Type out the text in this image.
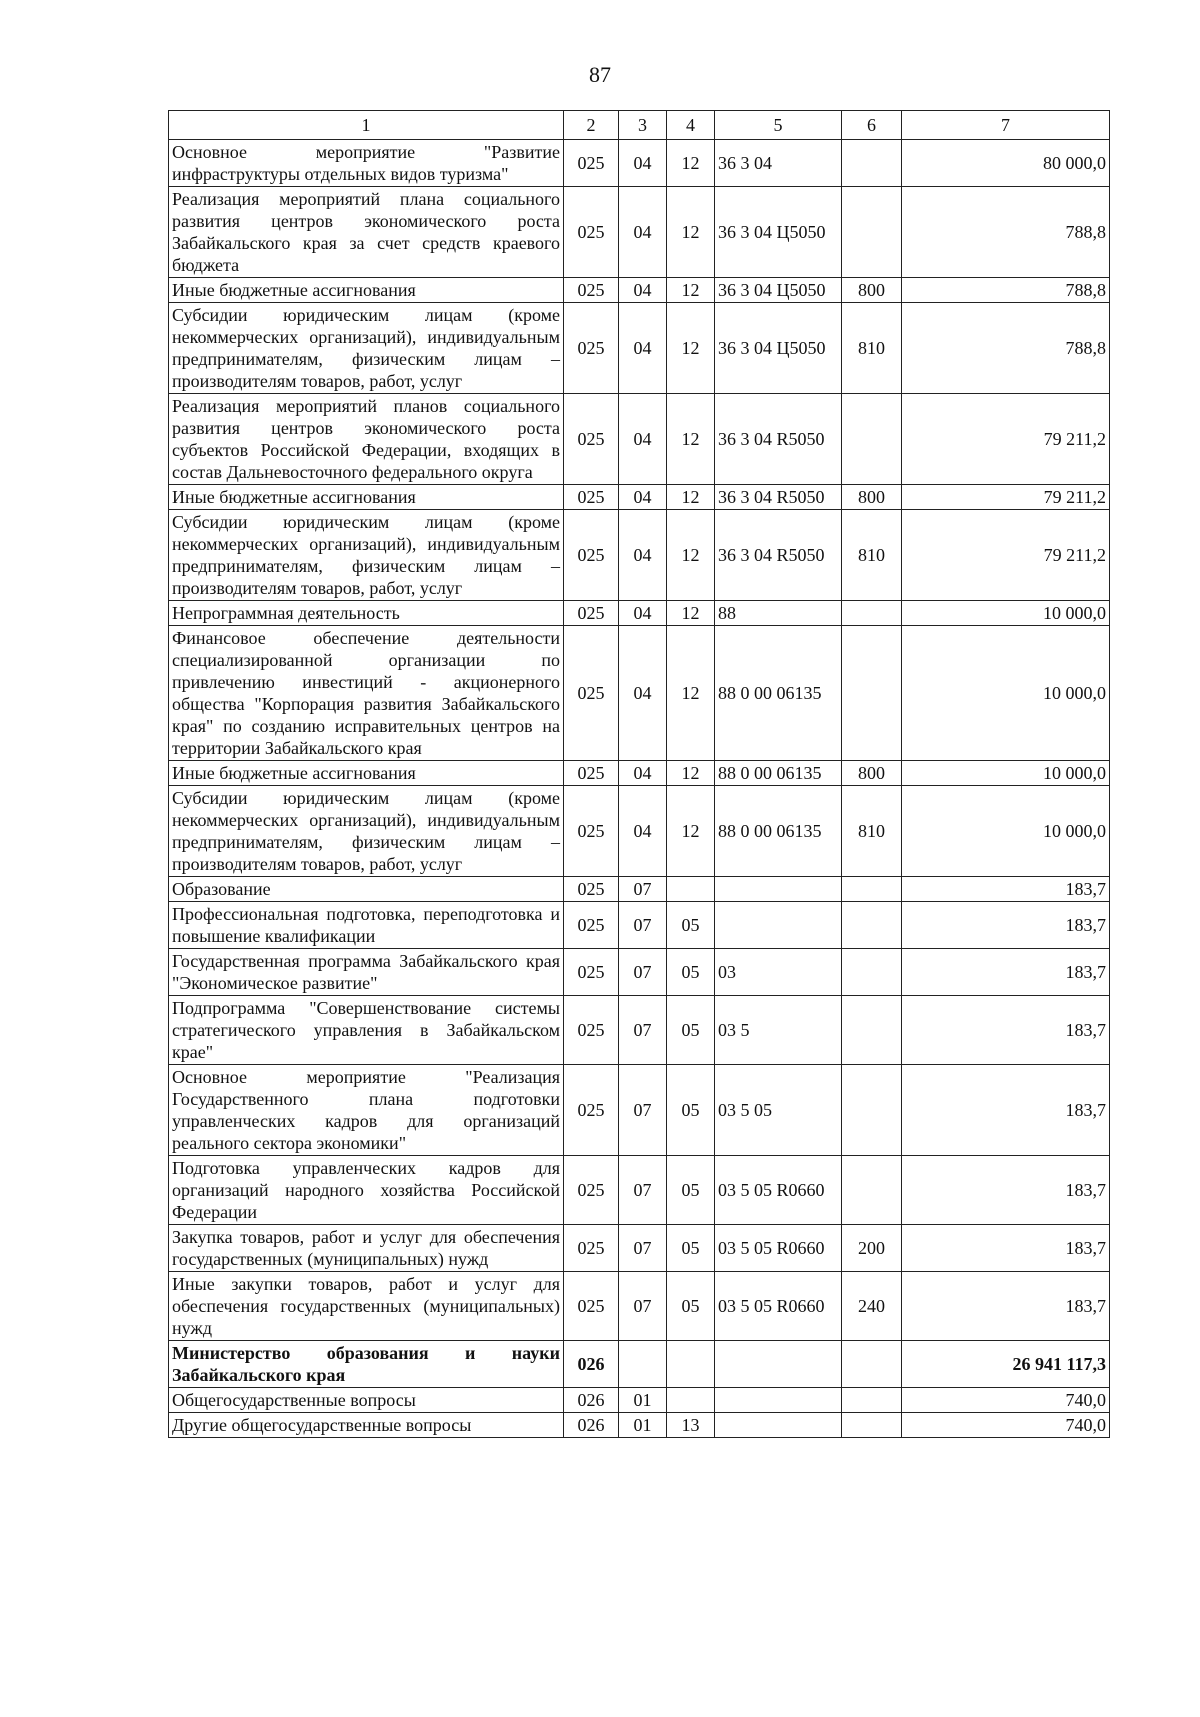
87
1	2	3	4	5	6	7
Основное мероприятие "Развитие инфраструктуры отдельных видов туризма"	025	04	12	36 3 04		80 000,0
Реализация мероприятий плана социального развития центров экономического роста Забайкальского края за счет средств краевого бюджета	025	04	12	36 3 04 Ц5050		788,8
Иные бюджетные ассигнования	025	04	12	36 3 04 Ц5050	800	788,8
Субсидии юридическим лицам (кроме некоммерческих организаций), индивидуальным предпринимателям, физическим лицам – производителям товаров, работ, услуг	025	04	12	36 3 04 Ц5050	810	788,8
Реализация мероприятий планов социального развития центров экономического роста субъектов Российской Федерации, входящих в состав Дальневосточного федерального округа	025	04	12	36 3 04 R5050		79 211,2
Иные бюджетные ассигнования	025	04	12	36 3 04 R5050	800	79 211,2
Субсидии юридическим лицам (кроме некоммерческих организаций), индивидуальным предпринимателям, физическим лицам – производителям товаров, работ, услуг	025	04	12	36 3 04 R5050	810	79 211,2
Непрограммная деятельность	025	04	12	88		10 000,0
Финансовое обеспечение деятельности специализированной организации по привлечению инвестиций - акционерного общества "Корпорация развития Забайкальского края" по созданию исправительных центров на территории Забайкальского края	025	04	12	88 0 00 06135		10 000,0
Иные бюджетные ассигнования	025	04	12	88 0 00 06135	800	10 000,0
Субсидии юридическим лицам (кроме некоммерческих организаций), индивидуальным предпринимателям, физическим лицам – производителям товаров, работ, услуг	025	04	12	88 0 00 06135	810	10 000,0
Образование	025	07				183,7
Профессиональная подготовка, переподготовка и повышение квалификации	025	07	05			183,7
Государственная программа Забайкальского края "Экономическое развитие"	025	07	05	03		183,7
Подпрограмма "Совершенствование системы стратегического управления в Забайкальском крае"	025	07	05	03 5		183,7
Основное мероприятие "Реализация Государственного плана подготовки управленческих кадров для организаций реального сектора экономики"	025	07	05	03 5 05		183,7
Подготовка управленческих кадров для организаций народного хозяйства Российской Федерации	025	07	05	03 5 05 R0660		183,7
Закупка товаров, работ и услуг для обеспечения государственных (муниципальных) нужд	025	07	05	03 5 05 R0660	200	183,7
Иные закупки товаров, работ и услуг для обеспечения государственных (муниципальных) нужд	025	07	05	03 5 05 R0660	240	183,7
Министерство образования и науки Забайкальского края	026					26 941 117,3
Общегосударственные вопросы	026	01				740,0
Другие общегосударственные вопросы	026	01	13			740,0
